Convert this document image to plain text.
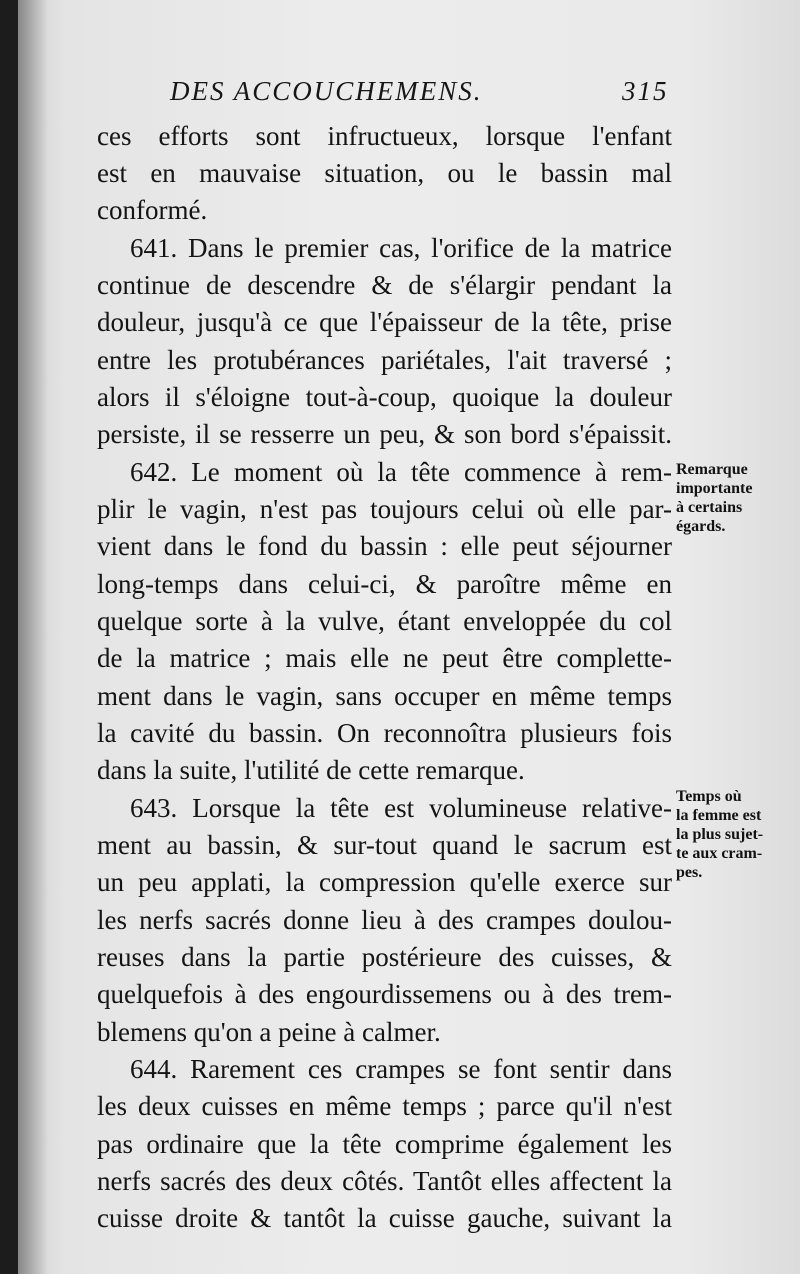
DES ACCOUCHEMENS.	315
ces efforts sont infructueux, lorsque l'enfant
est en mauvaise situation, ou le bassin mal
conformé.
641. Dans le premier cas, l'orifice de la matrice
continue de descendre & de s'élargir pendant la
douleur, jusqu'à ce que l'épaisseur de la tête, prise
entre les protubérances pariétales, l'ait traversé ;
alors il s'éloigne tout-à-coup, quoique la douleur
persiste, il se resserre un peu, & son bord s'épaissit.
642. Le moment où la tête commence à rem-
plir le vagin, n'est pas toujours celui où elle par-
vient dans le fond du bassin : elle peut séjourner
long-temps dans celui-ci, & paroître même en
quelque sorte à la vulve, étant enveloppée du col
de la matrice ; mais elle ne peut être complette-
ment dans le vagin, sans occuper en même temps
la cavité du bassin. On reconnoîtra plusieurs fois
dans la suite, l'utilité de cette remarque.
643. Lorsque la tête est volumineuse relative-
ment au bassin, & sur-tout quand le sacrum est
un peu applati, la compression qu'elle exerce sur
les nerfs sacrés donne lieu à des crampes doulou-
reuses dans la partie postérieure des cuisses, &
quelquefois à des engourdissemens ou à des trem-
blemens qu'on a peine à calmer.
644. Rarement ces crampes se font sentir dans
les deux cuisses en même temps ; parce qu'il n'est
pas ordinaire que la tête comprime également les
nerfs sacrés des deux côtés. Tantôt elles affectent la
cuisse droite & tantôt la cuisse gauche, suivant la
Remarque
importante
à certains
égards.
Temps où
la femme est
la plus sujet-
te aux cram-
pes.
